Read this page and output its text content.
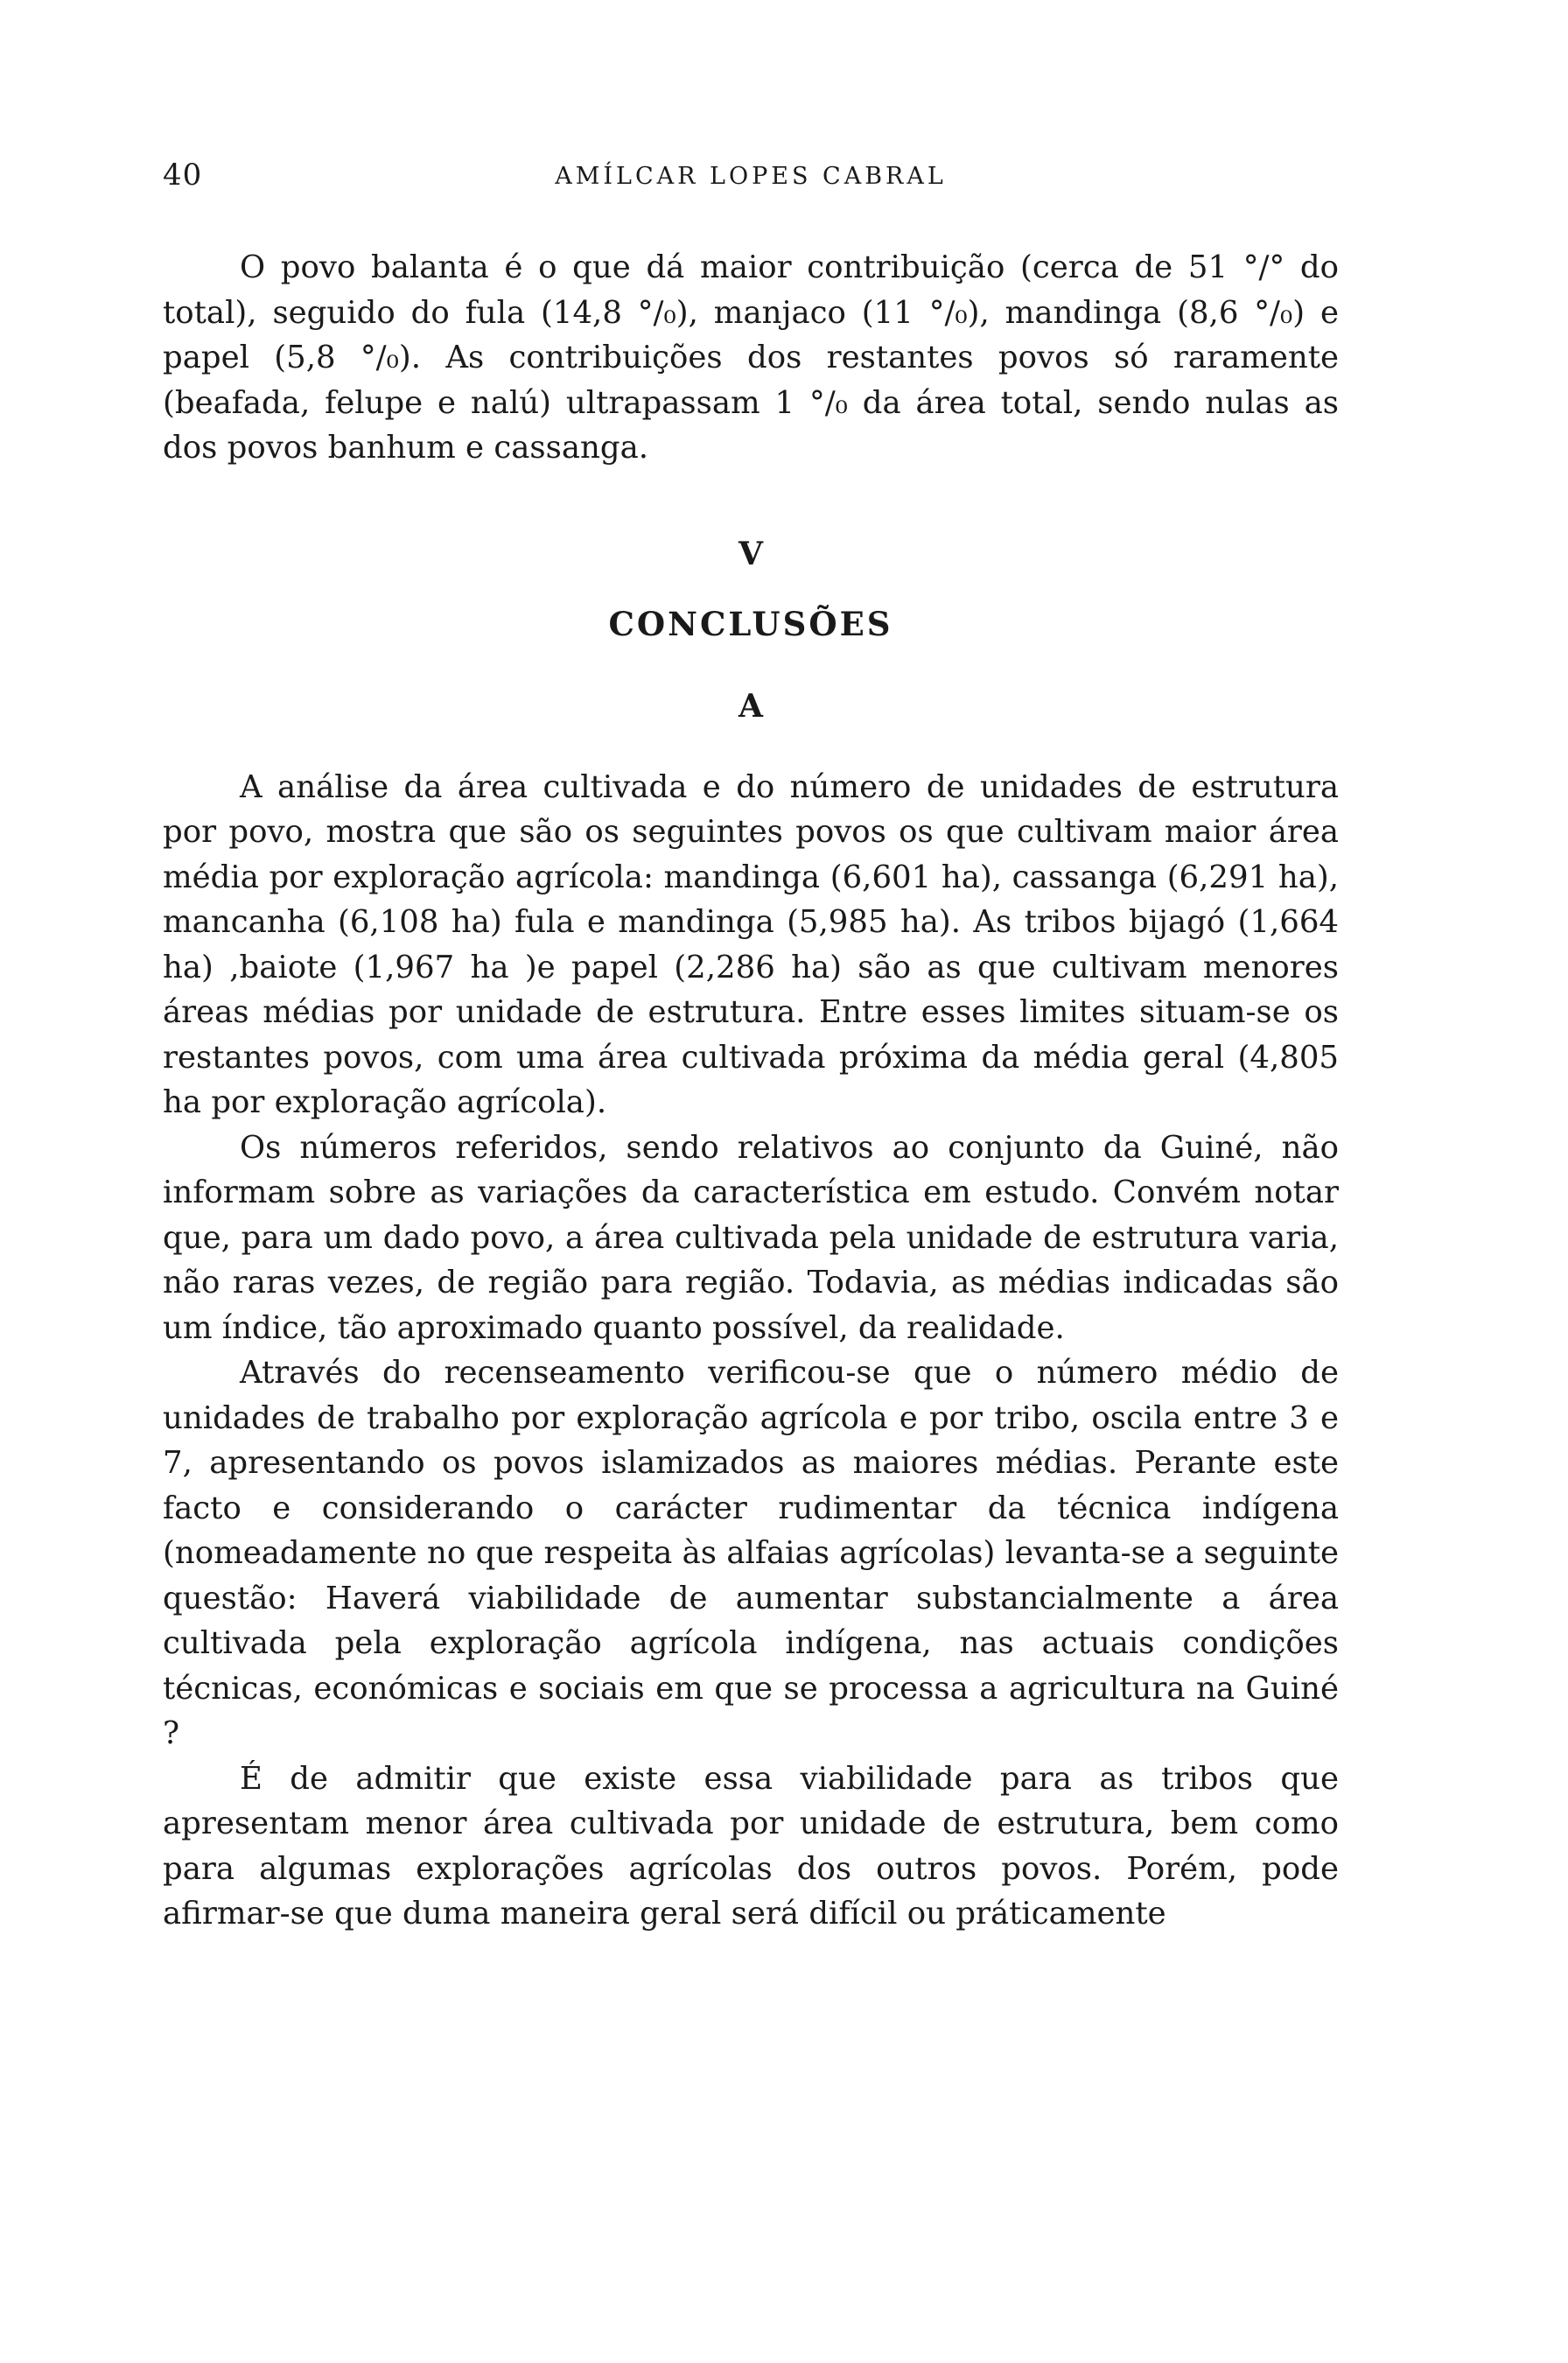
40	AMÍLCAR LOPES CABRAL

O povo balanta é o que dá maior contribuição (cerca de 51 °/° do total), seguido do fula (14,8 °/₀), manjaco (11 °/₀), mandinga (8,6 °/₀) e papel (5,8 °/₀). As contribuições dos restantes povos só raramente (beafada, felupe e nalú) ultrapassam 1 °/₀ da área total, sendo nulas as dos povos banhum e cassanga.

V
CONCLUSÕES
A

A análise da área cultivada e do número de unidades de estrutura por povo, mostra que são os seguintes povos os que cultivam maior área média por exploração agrícola: mandinga (6,601 ha), cassanga (6,291 ha), mancanha (6,108 ha) fula e mandinga (5,985 ha). As tribos bijagó (1,664 ha) ,baiote (1,967 ha )e papel (2,286 ha) são as que cultivam menores áreas médias por unidade de estrutura. Entre esses limites situam-se os restantes povos, com uma área cultivada próxima da média geral (4,805 ha por exploração agrícola).

Os números referidos, sendo relativos ao conjunto da Guiné, não informam sobre as variações da característica em estudo. Convém notar que, para um dado povo, a área cultivada pela unidade de estrutura varia, não raras vezes, de região para região. Todavia, as médias indicadas são um índice, tão aproximado quanto possível, da realidade.

Através do recenseamento verificou-se que o número médio de unidades de trabalho por exploração agrícola e por tribo, oscila entre 3 e 7, apresentando os povos islamizados as maiores médias. Perante este facto e considerando o carácter rudimentar da técnica indígena (nomeadamente no que respeita às alfaias agrícolas) levanta-se a seguinte questão: Haverá viabilidade de aumentar substancialmente a área cultivada pela exploração agrícola indígena, nas actuais condições técnicas, económicas e sociais em que se processa a agricultura na Guiné ?

É de admitir que existe essa viabilidade para as tribos que apresentam menor área cultivada por unidade de estrutura, bem como para algumas explorações agrícolas dos outros povos. Porém, pode afirmar-se que duma maneira geral será difícil ou práticamente
